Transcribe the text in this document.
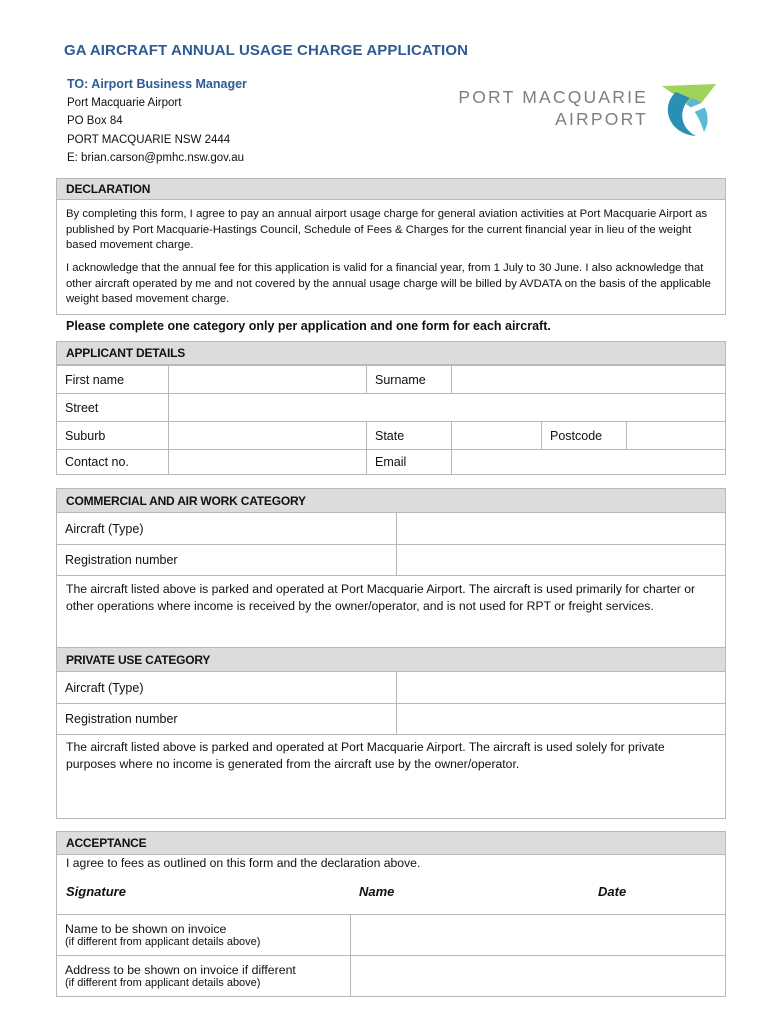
GA AIRCRAFT ANNUAL USAGE CHARGE APPLICATION
TO: Airport Business Manager
Port Macquarie Airport
PO Box 84
PORT MACQUARIE NSW 2444
E: brian.carson@pmhc.nsw.gov.au
PORT MACQUARIE
AIRPORT
DECLARATION
By completing this form, I agree to pay an annual airport usage charge for general aviation activities at Port Macquarie Airport as published by Port Macquarie-Hastings Council, Schedule of Fees & Charges for the current financial year in lieu of the weight based movement charge.
I acknowledge that the annual fee for this application is valid for a financial year, from 1 July to 30 June. I also acknowledge that other aircraft operated by me and not covered by the annual usage charge will be billed by AVDATA on the basis of the applicable weight based movement charge.
Please complete one category only per application and one form for each aircraft.
APPLICANT DETAILS
First name	Surname
Street
Suburb	State	Postcode
Contact no.	Email
COMMERCIAL AND AIR WORK CATEGORY
Aircraft (Type)
Registration number
The aircraft listed above is parked and operated at Port Macquarie Airport. The aircraft is used primarily for charter or other operations where income is received by the owner/operator, and is not used for RPT or freight services.
PRIVATE USE CATEGORY
Aircraft (Type)
Registration number
The aircraft listed above is parked and operated at Port Macquarie Airport. The aircraft is used solely for private purposes where no income is generated from the aircraft use by the owner/operator.
ACCEPTANCE
I agree to fees as outlined on this form and the declaration above.
Signature	Name	Date
Name to be shown on invoice
(if different from applicant details above)
Address to be shown on invoice if different
(if different from applicant details above)
